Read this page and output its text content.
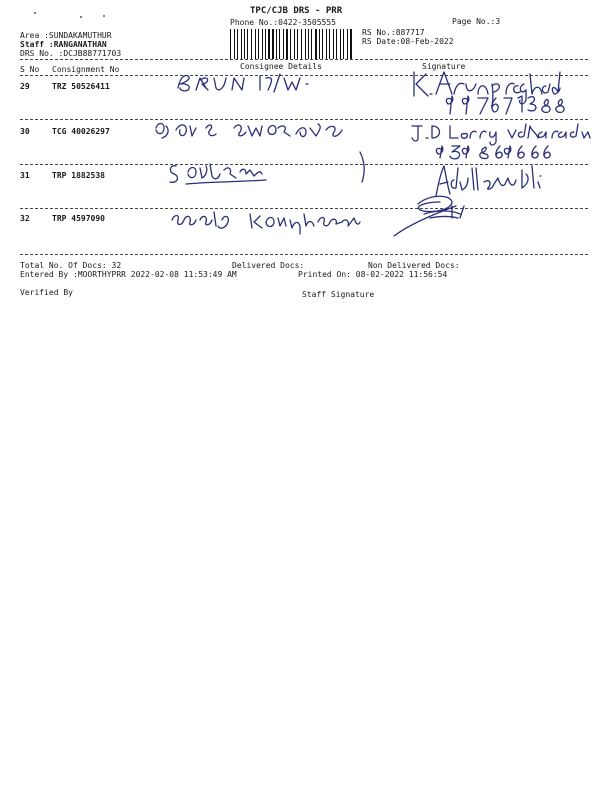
TPC/CJB DRS - PRR
Phone No.:0422-3505555	Page No.:3
RS No.:887717
RS Date:08-Feb-2022
Area :SUNDAKAMUTHUR
Staff :RANGANATHAN
DRS No. :DCJB88771703
S No Consignment No	Consignee Details	Signature
29	TRZ 50526411
30	TCG 40026297
31	TRP 1882538
32	TRP 4597090
Total No. Of Docs: 32	Delivered Docs:	Non Delivered Docs:
Entered By :MOORTHYPRR 2022-02-08 11:53:49 AM	Printed On: 08-02-2022 11:56:54
Verified By	Staff Signature
